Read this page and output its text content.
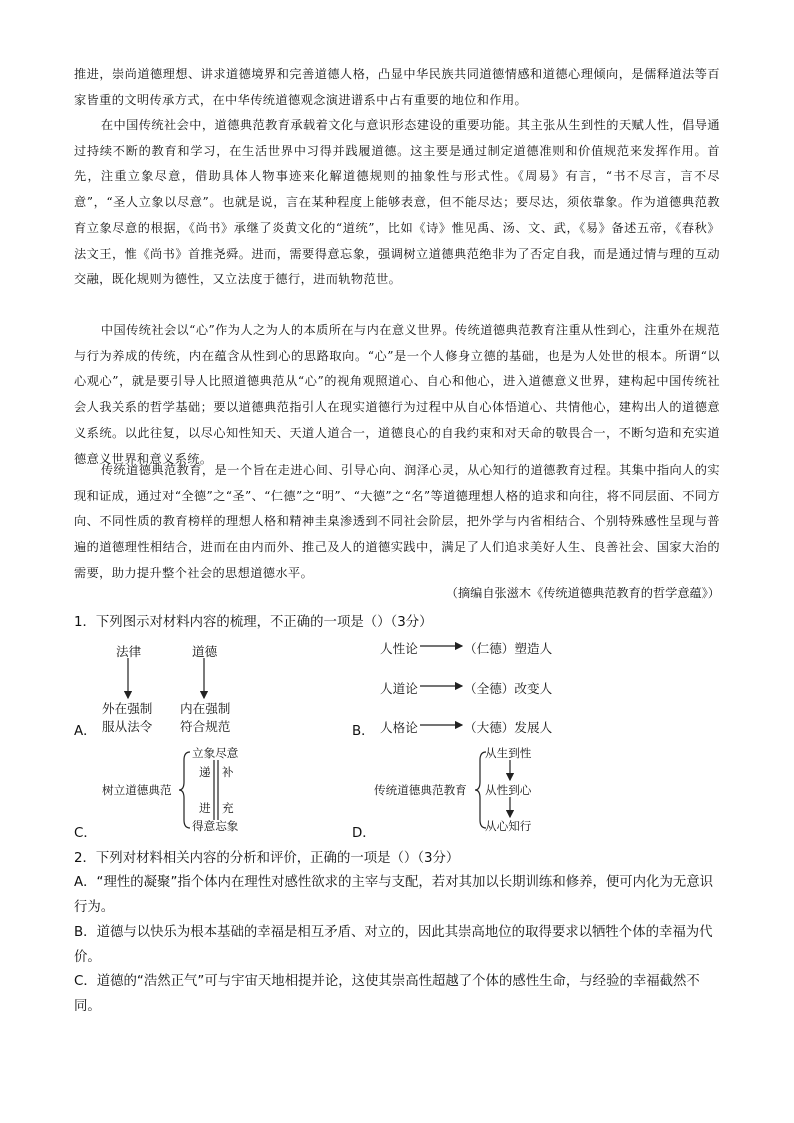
推进，崇尚道德理想、讲求道德境界和完善道德人格，凸显中华民族共同道德情感和道德心理倾向，是儒释道法等百家皆重的文明传承方式，在中华传统道德观念演进谱系中占有重要的地位和作用。
在中国传统社会中，道德典范教育承载着文化与意识形态建设的重要功能。其主张从生到性的天赋人性，倡导通过持续不断的教育和学习，在生活世界中习得并践履道德。这主要是通过制定道德准则和价值规范来发挥作用。首先，注重立象尽意，借助具体人物事迹来化解道德规则的抽象性与形式性。《周易》有言，“书不尽言，言不尽意”，“圣人立象以尽意”。也就是说，言在某种程度上能够表意，但不能尽达；要尽达，须依靠象。作为道德典范教育立象尽意的根据，《尚书》承继了炎黄文化的“道统”，比如《诗》惟见禹、汤、文、武，《易》备述五帝，《春秋》法文王，惟《尚书》首推尧舜。进而，需要得意忘象，强调树立道德典范绝非为了否定自我，而是通过情与理的互动交融，既化规则为德性，又立法度于德行，进而轨物范世。
中国传统社会以“心”作为人之为人的本质所在与内在意义世界。传统道德典范教育注重从性到心，注重外在规范与行为养成的传统，内在蕴含从性到心的思路取向。“心”是一个人修身立德的基础，也是为人处世的根本。所谓“以心观心”，就是要引导人比照道德典范从“心”的视角观照道心、自心和他心，进入道德意义世界，建构起中国传统社会人我关系的哲学基础；要以道德典范指引人在现实道德行为过程中从自心体悟道心、共情他心，建构出人的道德意义系统。以此往复，以尽心知性知天、天道人道合一，道德良心的自我约束和对天命的敬畏合一，不断匀造和充实道德意义世界和意义系统。
传统道德典范教育，是一个旨在走进心间、引导心向、润泽心灵，从心知行的道德教育过程。其集中指向人的实现和证成，通过对“全德”之“圣”、“仁德”之“明”、“大德”之“名”等道德理想人格的追求和向往，将不同层面、不同方向、不同性质的教育榜样的理想人格和精神圭臬渗透到不同社会阶层，把外学与内省相结合、个别特殊感性呈现与普遍的道德理性相结合，进而在由内而外、推己及人的道德实践中，满足了人们追求美好人生、良善社会、国家大治的需要，助力提升整个社会的思想道德水平。
（摘编自张滋木《传统道德典范教育的哲学意蕴》）
1．下列图示对材料内容的梳理，不正确的一项是（）（3分）
A．
法律	道德
外在强制
服从法令
内在强制
符合规范	B．
人性论	（仁德）塑造人
人道论	（全德）改变人
人格论	（大德）发展人
C．
树立道德典范
立象尽意
得意忘象
递
进
补
充
D．
传统道德典范教育
从生到性
从性到心
从心知行
2．下列对材料相关内容的分析和评价，正确的一项是（）（3分）
A．“理性的凝聚”指个体内在理性对感性欲求的主宰与支配，若对其加以长期训练和修养，便可内化为无意识行为。
B．道德与以快乐为根本基础的幸福是相互矛盾、对立的，因此其崇高地位的取得要求以牺牲个体的幸福为代价。
C．道德的“浩然正气”可与宇宙天地相提并论，这使其崇高性超越了个体的感性生命，与经验的幸福截然不同。
